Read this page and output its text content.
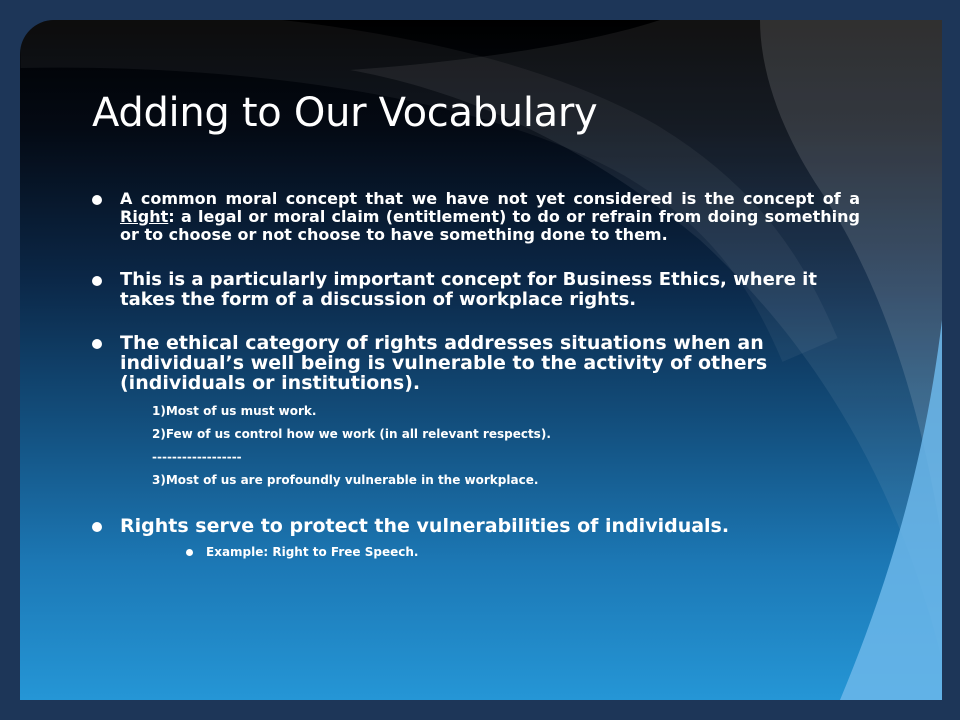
Adding to Our Vocabulary

A common moral concept that we have not yet considered is the concept of a Right: a legal or moral claim (entitlement) to do or refrain from doing something or to choose or not choose to have something done to them.

This is a particularly important concept for Business Ethics, where it takes the form of a discussion of workplace rights.

The ethical category of rights addresses situations when an individual’s well being is vulnerable to the activity of others (individuals or institutions).

1)Most of us must work.
2)Few of us control how we work (in all relevant respects).
------------------
3)Most of us are profoundly vulnerable in the workplace.

Rights serve to protect the vulnerabilities of individuals.

Example: Right to Free Speech.
